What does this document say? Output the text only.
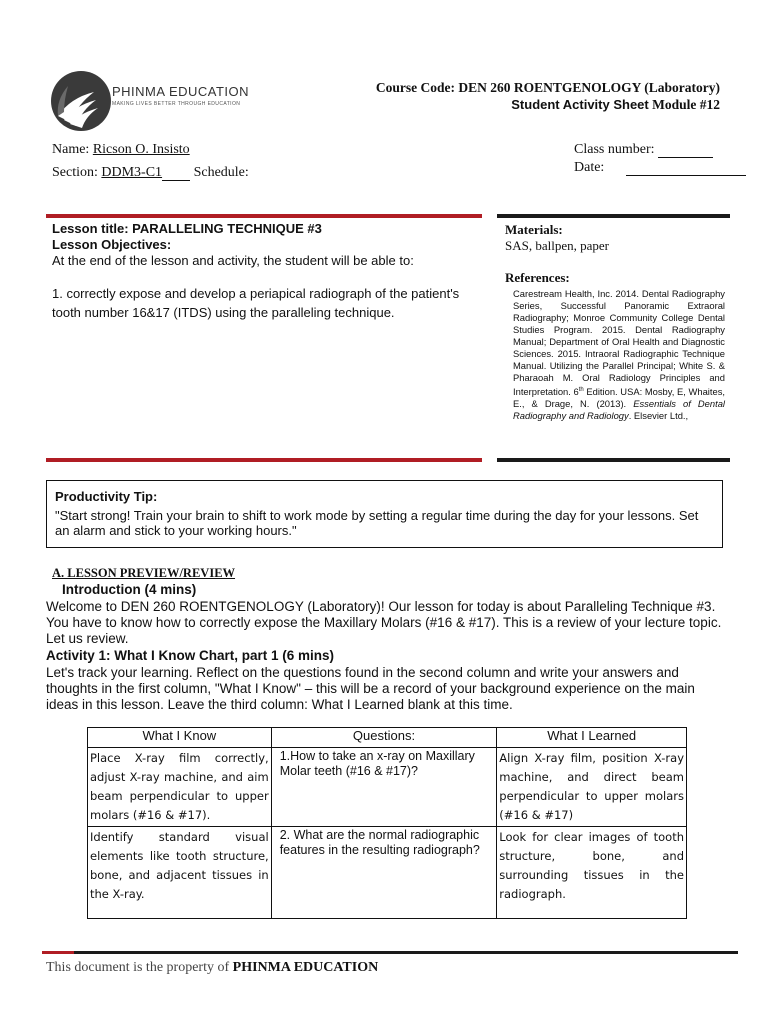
PHINMA EDUCATION
MAKING LIVES BETTER THROUGH EDUCATION
Course Code: DEN 260 ROENTGENOLOGY (Laboratory)
Student Activity Sheet Module #12
Name: Ricson O. Insisto
Section: DDM3-C1 Schedule:
Class number:
Date:
Lesson title: PARALLELING TECHNIQUE #3
Lesson Objectives:
At the end of the lesson and activity, the student will be able to:
1. correctly expose and develop a periapical radiograph of the patient's tooth number 16&17 (ITDS) using the paralleling technique.
Materials:
SAS, ballpen, paper
References:
Carestream Health, Inc. 2014. Dental Radiography Series, Successful Panoramic Extraoral Radiography; Monroe Community College Dental Studies Program. 2015. Dental Radiography Manual; Department of Oral Health and Diagnostic Sciences. 2015. Intraoral Radiographic Technique Manual. Utilizing the Parallel Principal; White S. & Pharaoah M. Oral Radiology Principles and Interpretation. 6th Edition. USA: Mosby, E, Whaites, E., & Drage, N. (2013). Essentials of Dental Radiography and Radiology. Elsevier Ltd.,
Productivity Tip:
"Start strong! Train your brain to shift to work mode by setting a regular time during the day for your lessons. Set an alarm and stick to your working hours."
A. LESSON PREVIEW/REVIEW
Introduction (4 mins)
Welcome to DEN 260 ROENTGENOLOGY (Laboratory)! Our lesson for today is about Paralleling Technique #3. You have to know how to correctly expose the Maxillary Molars (#16 & #17). This is a review of your lecture topic. Let us review.
Activity 1: What I Know Chart, part 1 (6 mins)
Let's track your learning. Reflect on the questions found in the second column and write your answers and thoughts in the first column, "What I Know" – this will be a record of your background experience on the main ideas in this lesson. Leave the third column: What I Learned blank at this time.
What I Know	Questions:	What I Learned
Place X-ray film correctly, adjust X-ray machine, and aim beam perpendicular to upper molars (#16 & #17).	1.How to take an x-ray on Maxillary Molar teeth (#16 & #17)?	Align X-ray film, position X-ray machine, and direct beam perpendicular to upper molars (#16 & #17)
Identify standard visual elements like tooth structure, bone, and adjacent tissues in the X-ray.	2. What are the normal radiographic features in the resulting radiograph?	Look for clear images of tooth structure, bone, and surrounding tissues in the radiograph.
This document is the property of PHINMA EDUCATION
